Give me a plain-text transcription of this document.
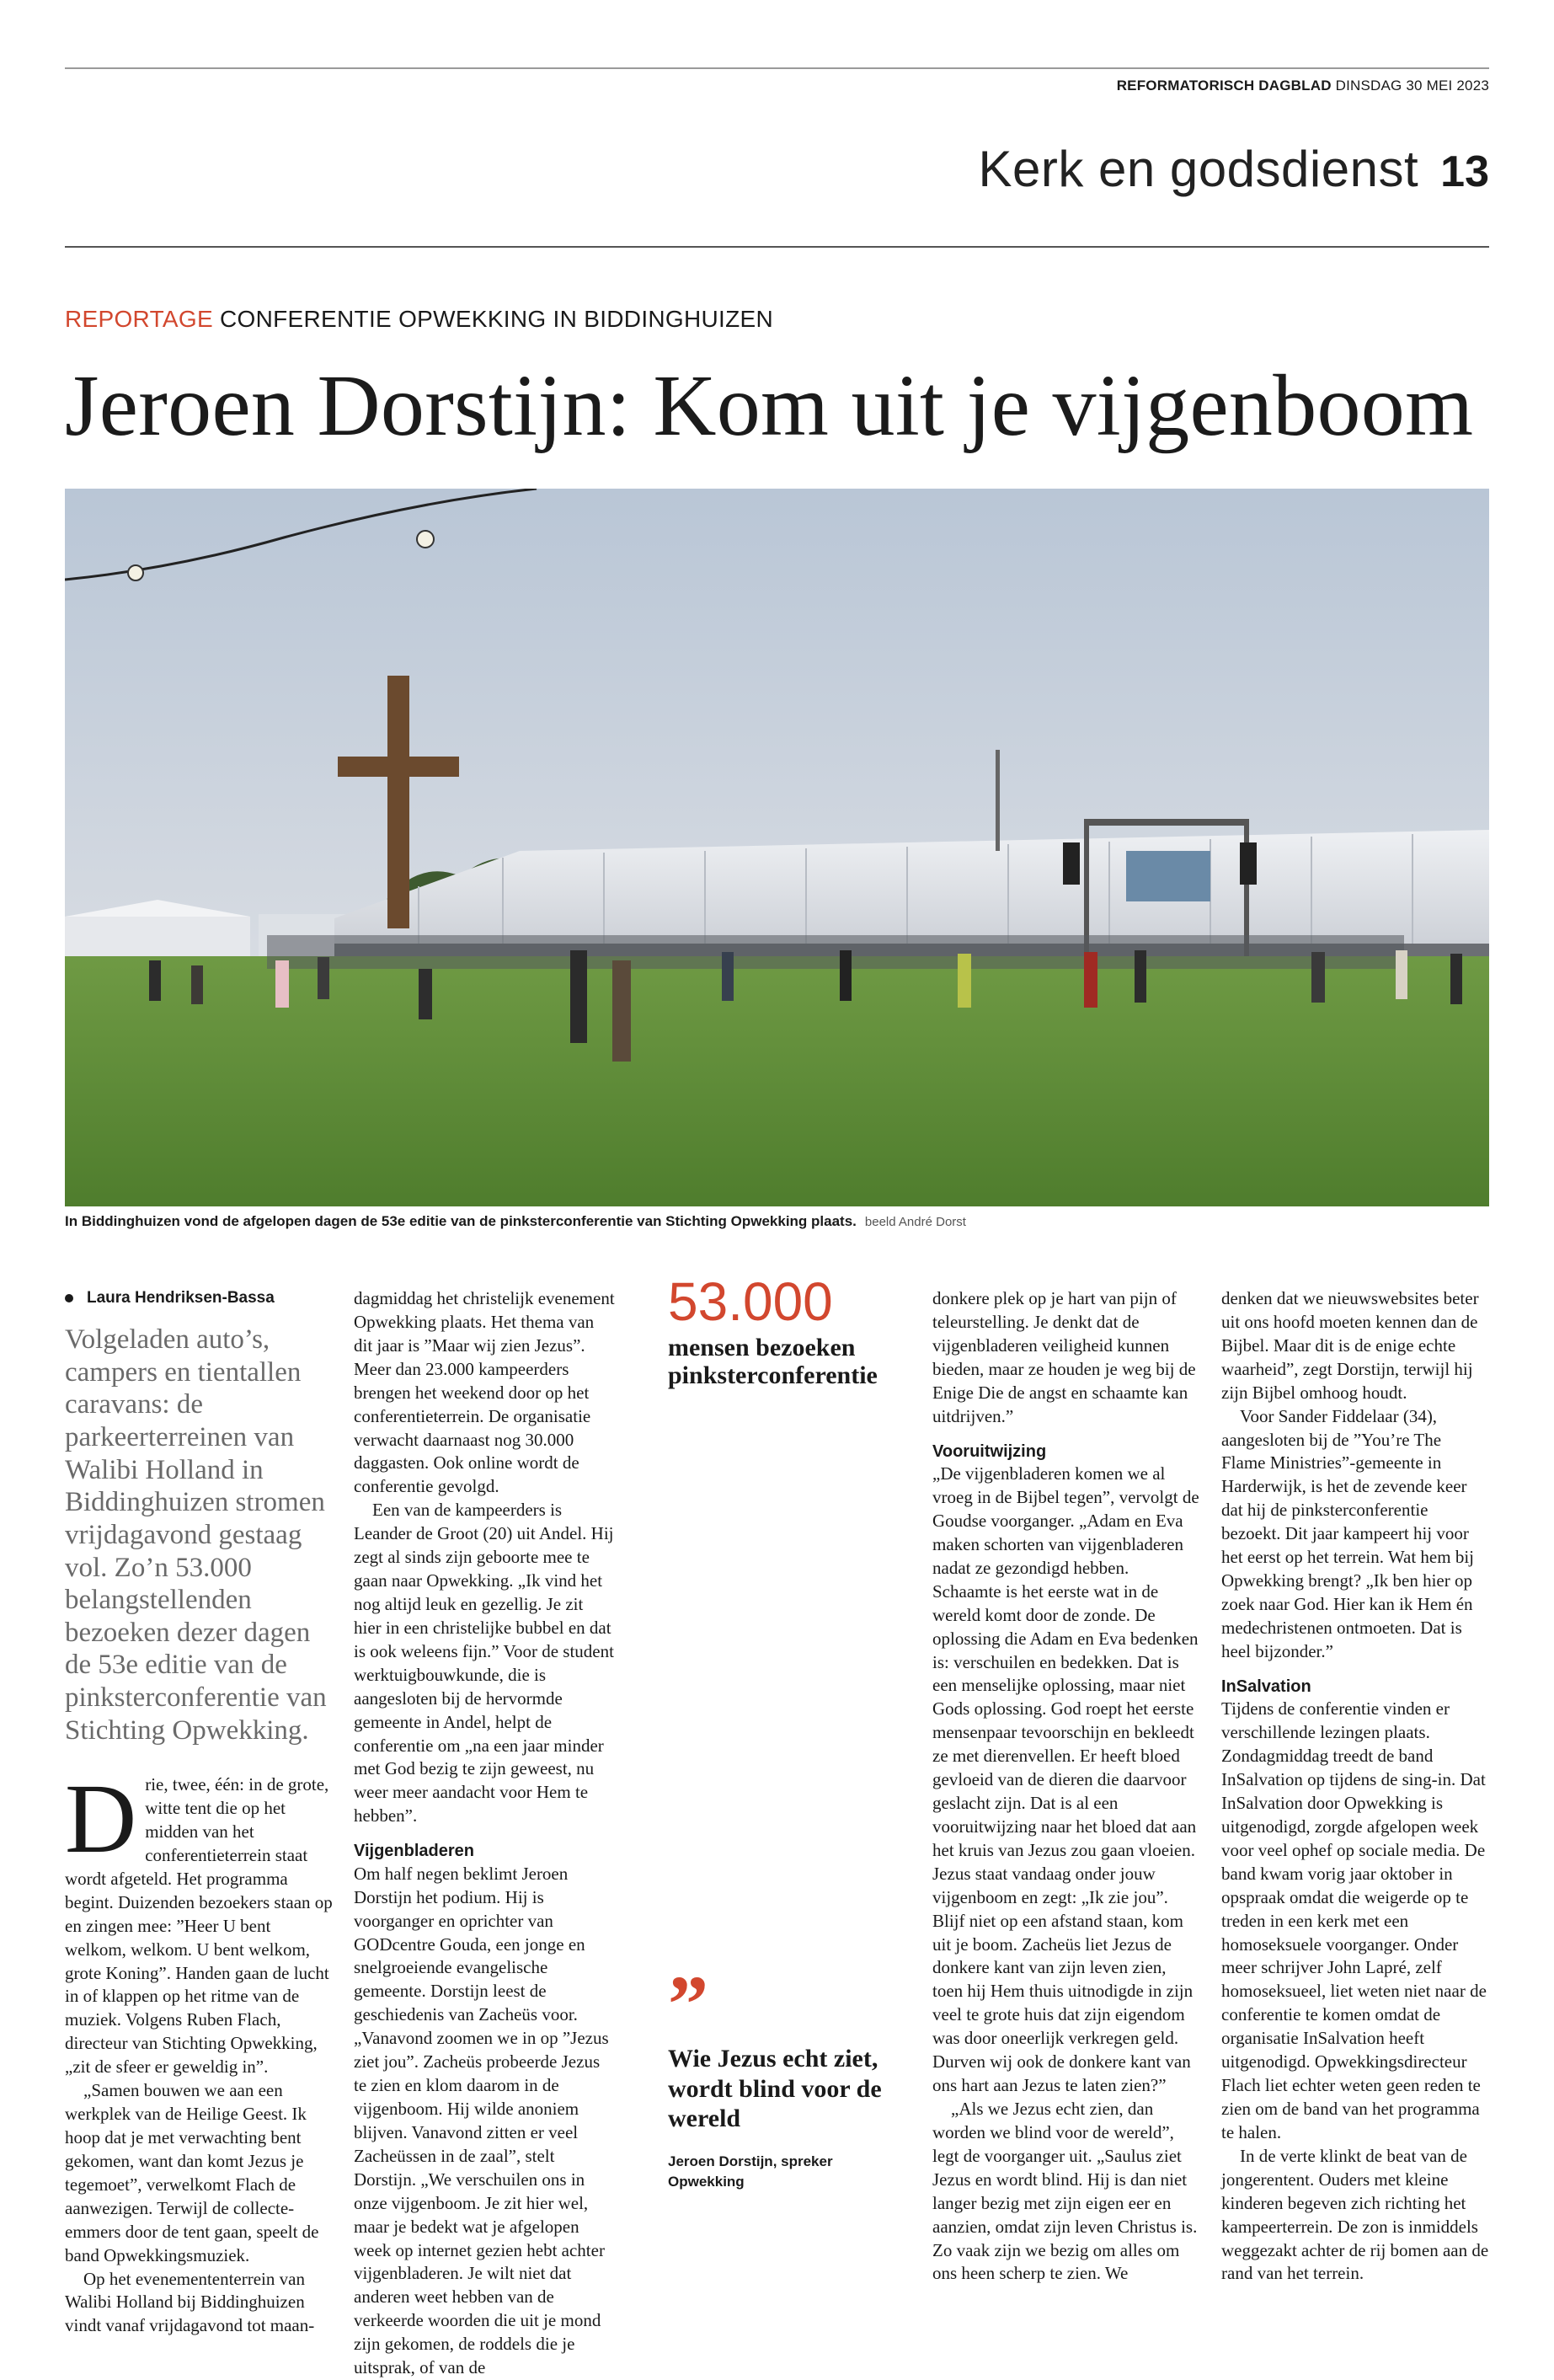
REFORMATORISCH DAGBLAD DINSDAG 30 MEI 2023
Kerk en godsdienst 13
REPORTAGE CONFERENTIE OPWEKKING IN BIDDINGHUIZEN
Jeroen Dorstijn: Kom uit je vijgenboom
In Biddinghuizen vond de afgelopen dagen de 53e editie van de pinksterconferentie van Stichting Opwekking plaats. beeld André Dorst
Laura Hendriksen-Bassa
Volgeladen auto’s, campers en tientallen caravans: de parkeerterreinen van Walibi Holland in Biddinghuizen stromen vrijdagavond gestaag vol. Zo’n 53.000 belangstellenden bezoeken dezer dagen de 53e editie van de pinksterconferentie van Stichting Opwekking.

Drie, twee, één: in de grote, witte tent die op het midden van het conferentieterrein staat wordt afgeteld. Het programma begint. Duizenden bezoekers staan op en zingen mee: ”Heer U bent welkom, welkom. U bent welkom, grote Koning”. Handen gaan de lucht in of klappen op het ritme van de muziek. Volgens Ruben Flach, directeur van Stichting Opwekking, „zit de sfeer er geweldig in”.

„Samen bouwen we aan een werkplek van de Heilige Geest. Ik hoop dat je met verwachting bent gekomen, want dan komt Jezus je tegemoet”, verwelkomt Flach de aanwezigen. Terwijl de collecte-emmers door de tent gaan, speelt de band Opwekkingsmuziek.

Op het evenemententerrein van Walibi Holland bij Biddinghuizen vindt vanaf vrijdagavond tot maan-

dagmiddag het christelijk evenement Opwekking plaats. Het thema van dit jaar is ”Maar wij zien Jezus”. Meer dan 23.000 kampeerders brengen het weekend door op het conferentieterrein. De organisatie verwacht daarnaast nog 30.000 daggasten. Ook online wordt de conferentie gevolgd.

Een van de kampeerders is Leander de Groot (20) uit Andel. Hij zegt al sinds zijn geboorte mee te gaan naar Opwekking. „Ik vind het nog altijd leuk en gezellig. Je zit hier in een christelijke bubbel en dat is ook weleens fijn.” Voor de student werktuigbouwkunde, die is aangesloten bij de hervormde gemeente in Andel, helpt de conferentie om „na een jaar minder met God bezig te zijn geweest, nu weer meer aandacht voor Hem te hebben”.

Vijgenbladeren

Om half negen beklimt Jeroen Dorstijn het podium. Hij is voorganger en oprichter van GODcentre Gouda, een jonge en snelgroeiende evangelische gemeente. Dorstijn leest de geschiedenis van Zacheüs voor. „Vanavond zoomen we in op ”Jezus ziet jou”. Zacheüs probeerde Jezus te zien en klom daarom in de vijgenboom. Hij wilde anoniem blijven. Vanavond zitten er veel Zacheüssen in de zaal”, stelt Dorstijn. „We verschuilen ons in onze vijgenboom. Je zit hier wel, maar je bedekt wat je afgelopen week op internet gezien hebt achter vijgenbladeren. Je wilt niet dat anderen weet hebben van de verkeerde woorden die uit je mond zijn gekomen, de roddels die je uitsprak, of van de

53.000
mensen bezoeken pinksterconferentie
”
Wie Jezus echt ziet, wordt blind voor de wereld
Jeroen Dorstijn, spreker Opwekking

donkere plek op je hart van pijn of teleurstelling. Je denkt dat de vijgenbladeren veiligheid kunnen bieden, maar ze houden je weg bij de Enige Die de angst en schaamte kan uitdrijven.”

Vooruitwijzing

„De vijgenbladeren komen we al vroeg in de Bijbel tegen”, vervolgt de Goudse voorganger. „Adam en Eva maken schorten van vijgenbladeren nadat ze gezondigd hebben. Schaamte is het eerste wat in de wereld komt door de zonde. De oplossing die Adam en Eva bedenken is: verschuilen en bedekken. Dat is een menselijke oplossing, maar niet Gods oplossing. God roept het eerste mensenpaar tevoorschijn en bekleedt ze met dierenvellen. Er heeft bloed gevloeid van de dieren die daarvoor geslacht zijn. Dat is al een vooruitwijzing naar het bloed dat aan het kruis van Jezus zou gaan vloeien. Jezus staat vandaag onder jouw vijgenboom en zegt: „Ik zie jou”. Blijf niet op een afstand staan, kom uit je boom. Zacheüs liet Jezus de donkere kant van zijn leven zien, toen hij Hem thuis uitnodigde in zijn veel te grote huis dat zijn eigendom was door oneerlijk verkregen geld. Durven wij ook de donkere kant van ons hart aan Jezus te laten zien?”

„Als we Jezus echt zien, dan worden we blind voor de wereld”, legt de voorganger uit. „Saulus ziet Jezus en wordt blind. Hij is dan niet langer bezig met zijn eigen eer en aanzien, omdat zijn leven Christus is. Zo vaak zijn we bezig om alles om ons heen scherp te zien. We

denken dat we nieuwswebsites beter uit ons hoofd moeten kennen dan de Bijbel. Maar dit is de enige echte waarheid”, zegt Dorstijn, terwijl hij zijn Bijbel omhoog houdt.

Voor Sander Fiddelaar (34), aangesloten bij de ”You’re The Flame Ministries”-gemeente in Harderwijk, is het de zevende keer dat hij de pinksterconferentie bezoekt. Dit jaar kampeert hij voor het eerst op het terrein. Wat hem bij Opwekking brengt? „Ik ben hier op zoek naar God. Hier kan ik Hem én medechristenen ontmoeten. Dat is heel bijzonder.”

InSalvation

Tijdens de conferentie vinden er verschillende lezingen plaats. Zondagmiddag treedt de band InSalvation op tijdens de sing-in. Dat InSalvation door Opwekking is uitgenodigd, zorgde afgelopen week voor veel ophef op sociale media. De band kwam vorig jaar oktober in opspraak omdat die weigerde op te treden in een kerk met een homoseksuele voorganger. Onder meer schrijver John Lapré, zelf homoseksueel, liet weten niet naar de conferentie te komen omdat de organisatie InSalvation heeft uitgenodigd. Opwekkingsdirecteur Flach liet echter weten geen reden te zien om de band van het programma te halen.

In de verte klinkt de beat van de jongerentent. Ouders met kleine kinderen begeven zich richting het kampeerterrein. De zon is inmiddels weggezakt achter de rij bomen aan de rand van het terrein.
